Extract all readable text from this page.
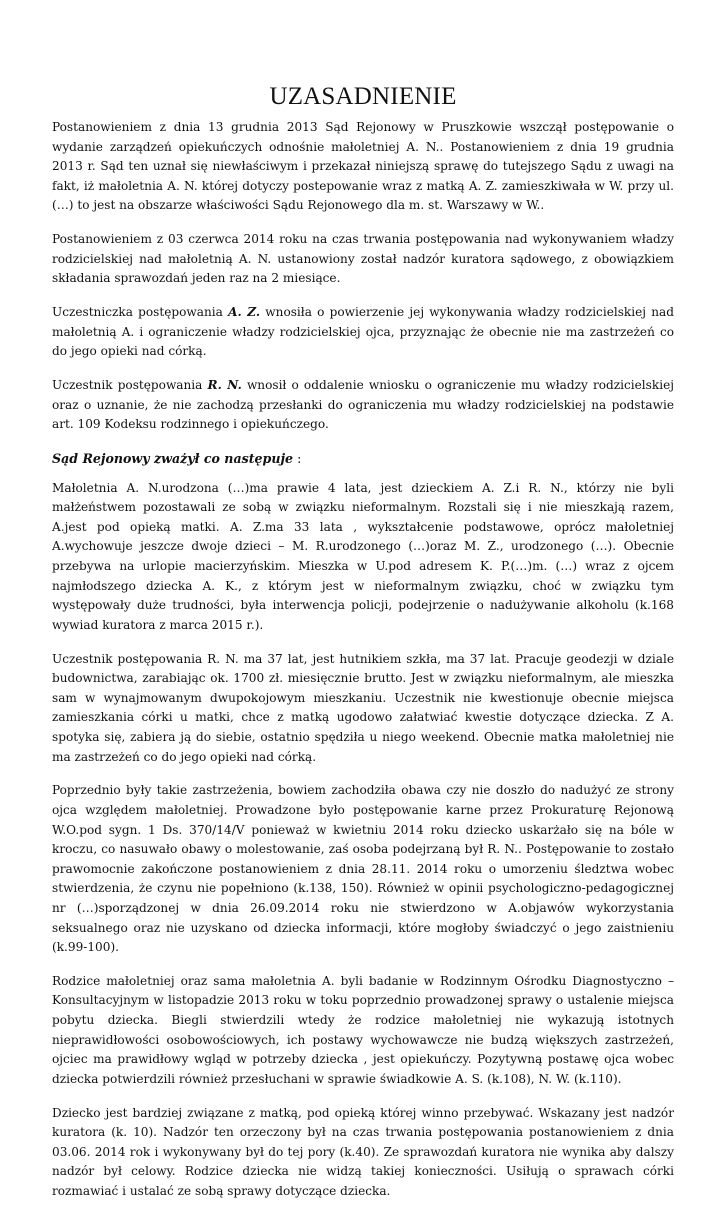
UZASADNIENIE

Postanowieniem z dnia 13 grudnia 2013 Sąd Rejonowy w Pruszkowie wszczął postępowanie o wydanie zarządzeń opiekuńczych odnośnie małoletniej A. N.. Postanowieniem z dnia 19 grudnia 2013 r. Sąd ten uznał się niewłaściwym i przekazał niniejszą sprawę do tutejszego Sądu z uwagi na fakt, iż małoletnia A. N. której dotyczy postepowanie wraz z matką A. Z. zamieszkiwała w W. przy ul. (…) to jest na obszarze właściwości Sądu Rejonowego dla m. st. Warszawy w W..

Postanowieniem z 03 czerwca 2014 roku na czas trwania postępowania nad wykonywaniem władzy rodzicielskiej nad małoletnią A. N. ustanowiony został nadzór kuratora sądowego, z obowiązkiem składania sprawozdań jeden raz na 2 miesiące.

Uczestniczka postępowania A. Z. wnosiła o powierzenie jej wykonywania władzy rodzicielskiej nad małoletnią A. i ograniczenie władzy rodzicielskiej ojca, przyznając że obecnie nie ma zastrzeżeń co do jego opieki nad córką.

Uczestnik postępowania R. N. wnosił o oddalenie wniosku o ograniczenie mu władzy rodzicielskiej oraz o uznanie, że nie zachodzą przesłanki do ograniczenia mu władzy rodzicielskiej na podstawie art. 109 Kodeksu rodzinnego i opiekuńczego.

Sąd Rejonowy zważył co następuje :

Małoletnia A. N.urodzona (…)ma prawie 4 lata, jest dzieckiem A. Z.i R. N., którzy nie byli małżeństwem pozostawali ze sobą w związku nieformalnym. Rozstali się i nie mieszkają razem, A.jest pod opieką matki. A. Z.ma 33 lata , wykształcenie podstawowe, oprócz małoletniej A.wychowuje jeszcze dwoje dzieci – M. R.urodzonego (…)oraz M. Z., urodzonego (…). Obecnie przebywa na urlopie macierzyńskim. Mieszka w U.pod adresem K. P.(…)m. (…) wraz z ojcem najmłodszego dziecka A. K., z którym jest w nieformalnym związku, choć w związku tym występowały duże trudności, była interwencja policji, podejrzenie o nadużywanie alkoholu (k.168 wywiad kuratora z marca 2015 r.).

Uczestnik postępowania R. N. ma 37 lat, jest hutnikiem szkła, ma 37 lat. Pracuje geodezji w dziale budownictwa, zarabiając ok. 1700 zł. miesięcznie brutto. Jest w związku nieformalnym, ale mieszka sam w wynajmowanym dwupokojowym mieszkaniu. Uczestnik nie kwestionuje obecnie miejsca zamieszkania córki u matki, chce z matką ugodowo załatwiać kwestie dotyczące dziecka. Z A. spotyka się, zabiera ją do siebie, ostatnio spędziła u niego weekend. Obecnie matka małoletniej nie ma zastrzeżeń co do jego opieki nad córką.

Poprzednio były takie zastrzeżenia, bowiem zachodziła obawa czy nie doszło do nadużyć ze strony ojca względem małoletniej. Prowadzone było postępowanie karne przez Prokuraturę Rejonową W.O.pod sygn. 1 Ds. 370/14/V ponieważ w kwietniu 2014 roku dziecko uskarżało się na bóle w kroczu, co nasuwało obawy o molestowanie, zaś osoba podejrzaną był R. N.. Postępowanie to zostało prawomocnie zakończone postanowieniem z dnia 28.11. 2014 roku o umorzeniu śledztwa wobec stwierdzenia, że czynu nie popełniono (k.138, 150). Również w opinii psychologiczno-pedagogicznej nr (…)sporządzonej w dnia 26.09.2014 roku nie stwierdzono w A.objawów wykorzystania seksualnego oraz nie uzyskano od dziecka informacji, które mogłoby świadczyć o jego zaistnieniu (k.99-100).

Rodzice małoletniej oraz sama małoletnia A. byli badanie w Rodzinnym Ośrodku Diagnostyczno – Konsultacyjnym w listopadzie 2013 roku w toku poprzednio prowadzonej sprawy o ustalenie miejsca pobytu dziecka. Biegli stwierdzili wtedy że rodzice małoletniej nie wykazują istotnych nieprawidłowości osobowościowych, ich postawy wychowawcze nie budzą większych zastrzeżeń, ojciec ma prawidłowy wgląd w potrzeby dziecka , jest opiekuńczy. Pozytywną postawę ojca wobec dziecka potwierdzili również przesłuchani w sprawie świadkowie A. S. (k.108), N. W. (k.110).

Dziecko jest bardziej związane z matką, pod opieką której winno przebywać. Wskazany jest nadzór kuratora (k. 10). Nadzór ten orzeczony był na czas trwania postępowania postanowieniem z dnia 03.06. 2014 rok i wykonywany był do tej pory (k.40). Ze sprawozdań kuratora nie wynika aby dalszy nadzór był celowy. Rodzice dziecka nie widzą takiej konieczności. Usiłują o sprawach córki rozmawiać i ustalać ze sobą sprawy dotyczące dziecka.
